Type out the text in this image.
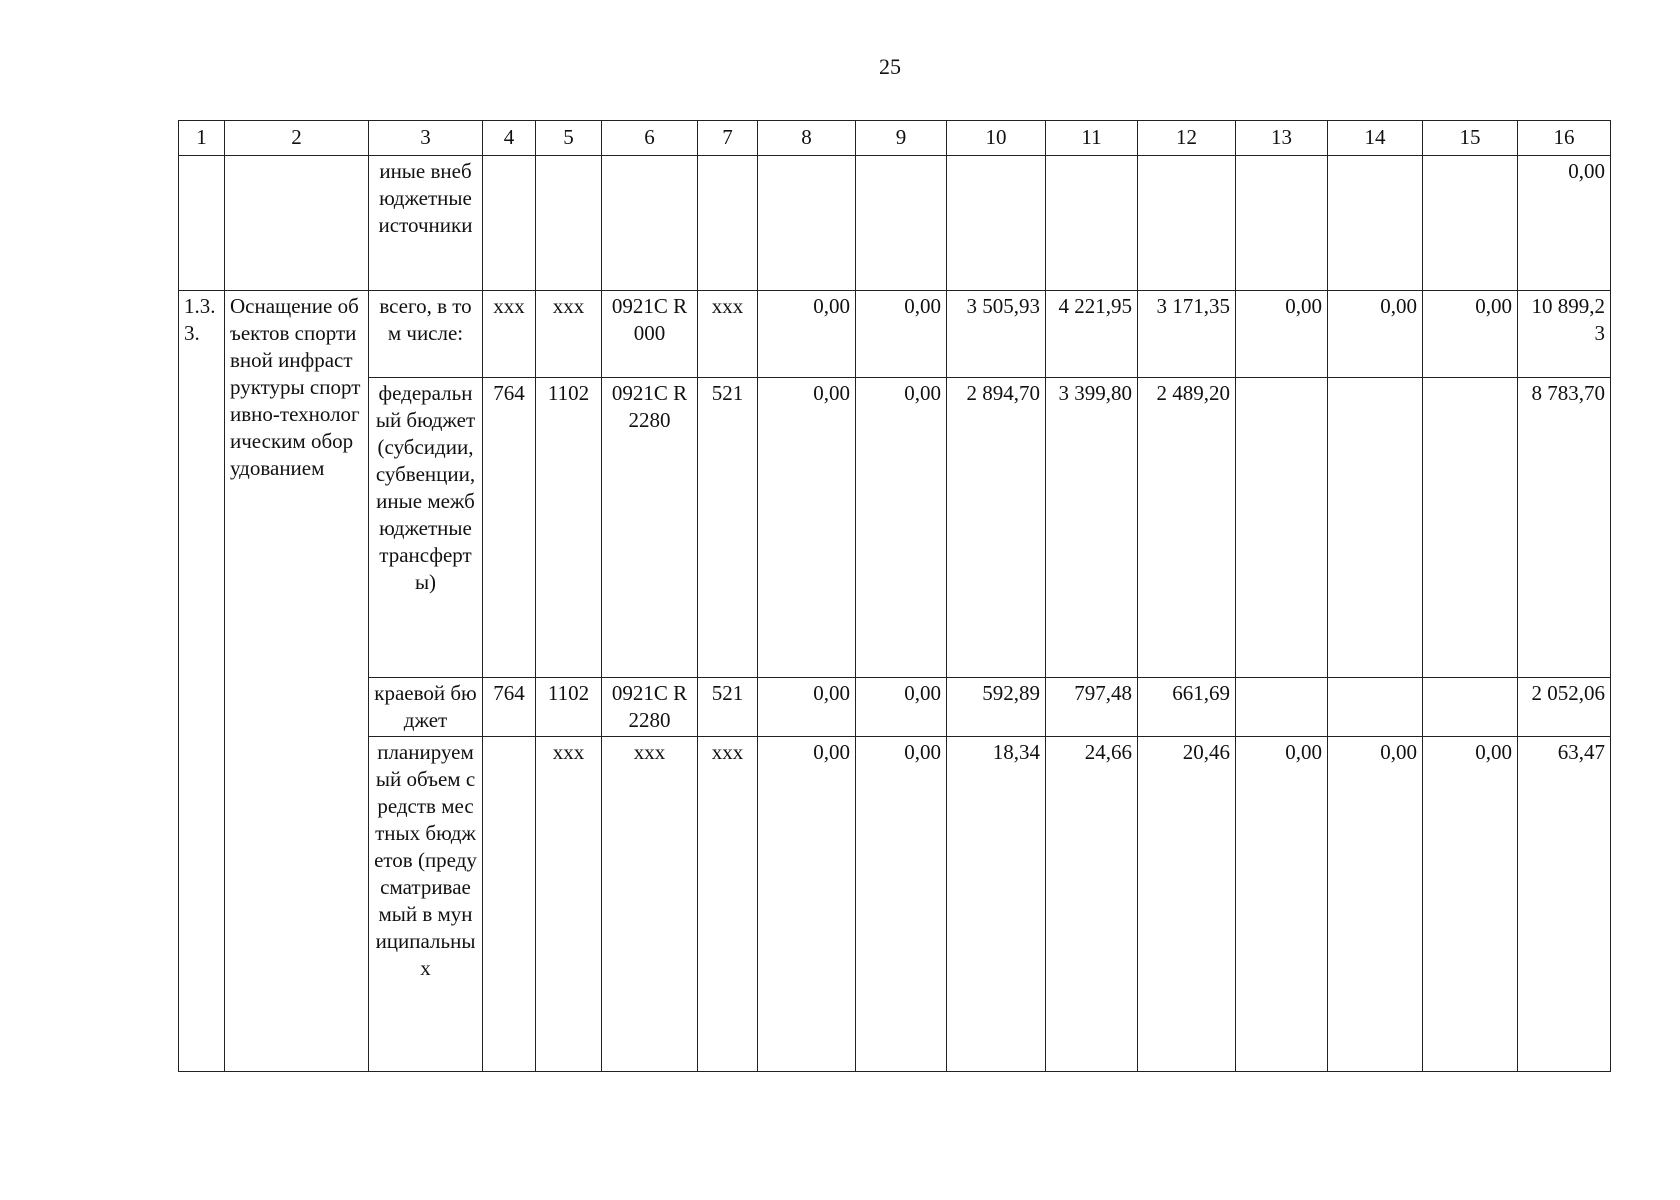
25
1	2	3	4	5	6	7	8	9	10	11	12	13	14	15	16
		иные внебюджетные источники													0,00
1.3.3.	Оснащение объектов спортивной инфраструктуры спортивно-технологическим оборудованием	всего, в том числе:	ххх	ххх	0921C R000	ххх	0,00	0,00	3 505,93	4 221,95	3 171,35	0,00	0,00	0,00	10 899,23
		федеральный бюджет (субсидии, субвенции, иные межбюджетные трансферты)	764	1102	0921C R2280	521	0,00	0,00	2 894,70	3 399,80	2 489,20				8 783,70
		краевой бюджет	764	1102	0921C R2280	521	0,00	0,00	592,89	797,48	661,69				2 052,06
		планируемый объем средств местных бюджетов (предусматриваемый в муниципальных		ххх	ххх	ххх	0,00	0,00	18,34	24,66	20,46	0,00	0,00	0,00	63,47
